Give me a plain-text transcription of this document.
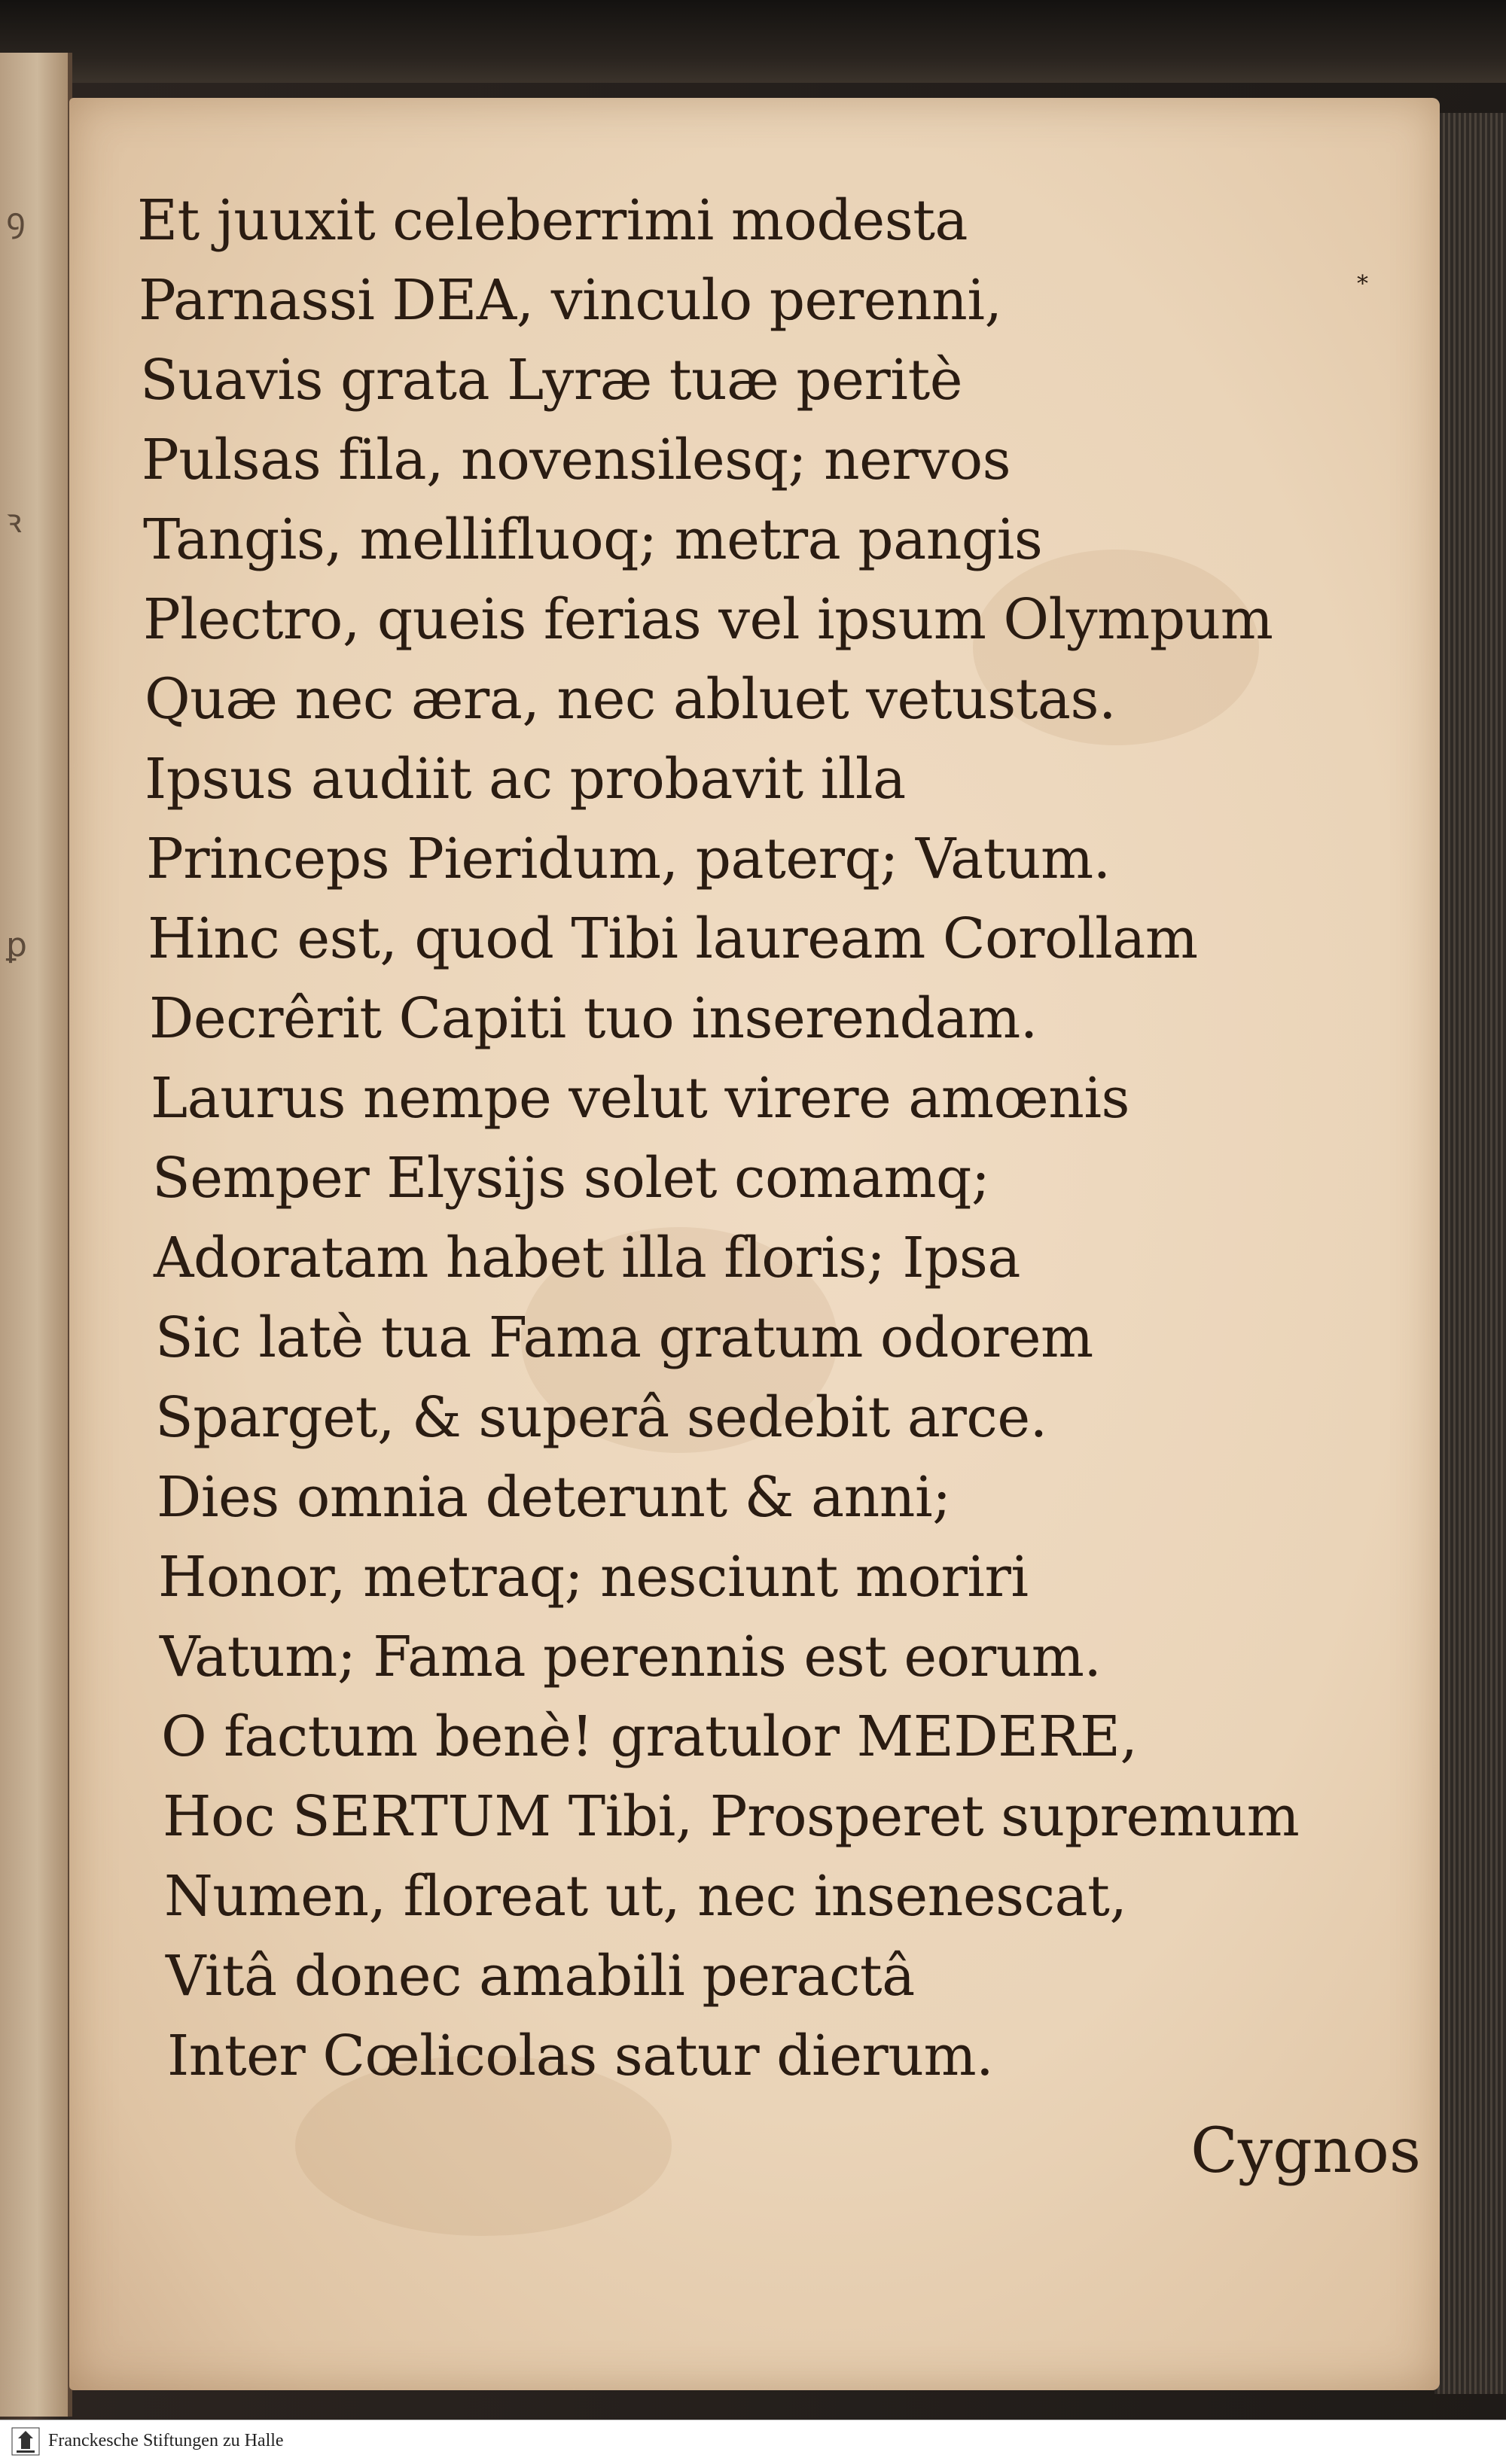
ꝯ
ꝛ
ꝑ
⁎
Et juuxit celeberrimi modesta
Parnassi DEA, vinculo perenni,
Suavis grata Lyræ tuæ peritè
Pulsas fila, novensilesq; nervos
Tangis, mellifluoq; metra pangis
Plectro, queis ferias vel ipsum Olympum
Quæ nec æra, nec abluet vetustas.
Ipsus audiit ac probavit illa
Princeps Pieridum, paterq; Vatum.
Hinc est, quod Tibi lauream Corollam
Decrêrit Capiti tuo inserendam.
Laurus nempe velut virere amœnis
Semper Elysijs solet comamq;
Adoratam habet illa floris; Ipsa
Sic latè tua Fama gratum odorem
Sparget, & superâ sedebit arce.
Dies omnia deterunt & anni;
Honor, metraq; nesciunt moriri
Vatum; Fama perennis est eorum.
O factum benè! gratulor MEDERE,
Hoc SERTUM Tibi, Prosperet supremum
Numen, floreat ut, nec insenescat,
Vitâ donec amabili peractâ
Inter Cœlicolas satur dierum.
Cygnos
Franckesche Stiftungen zu Halle
